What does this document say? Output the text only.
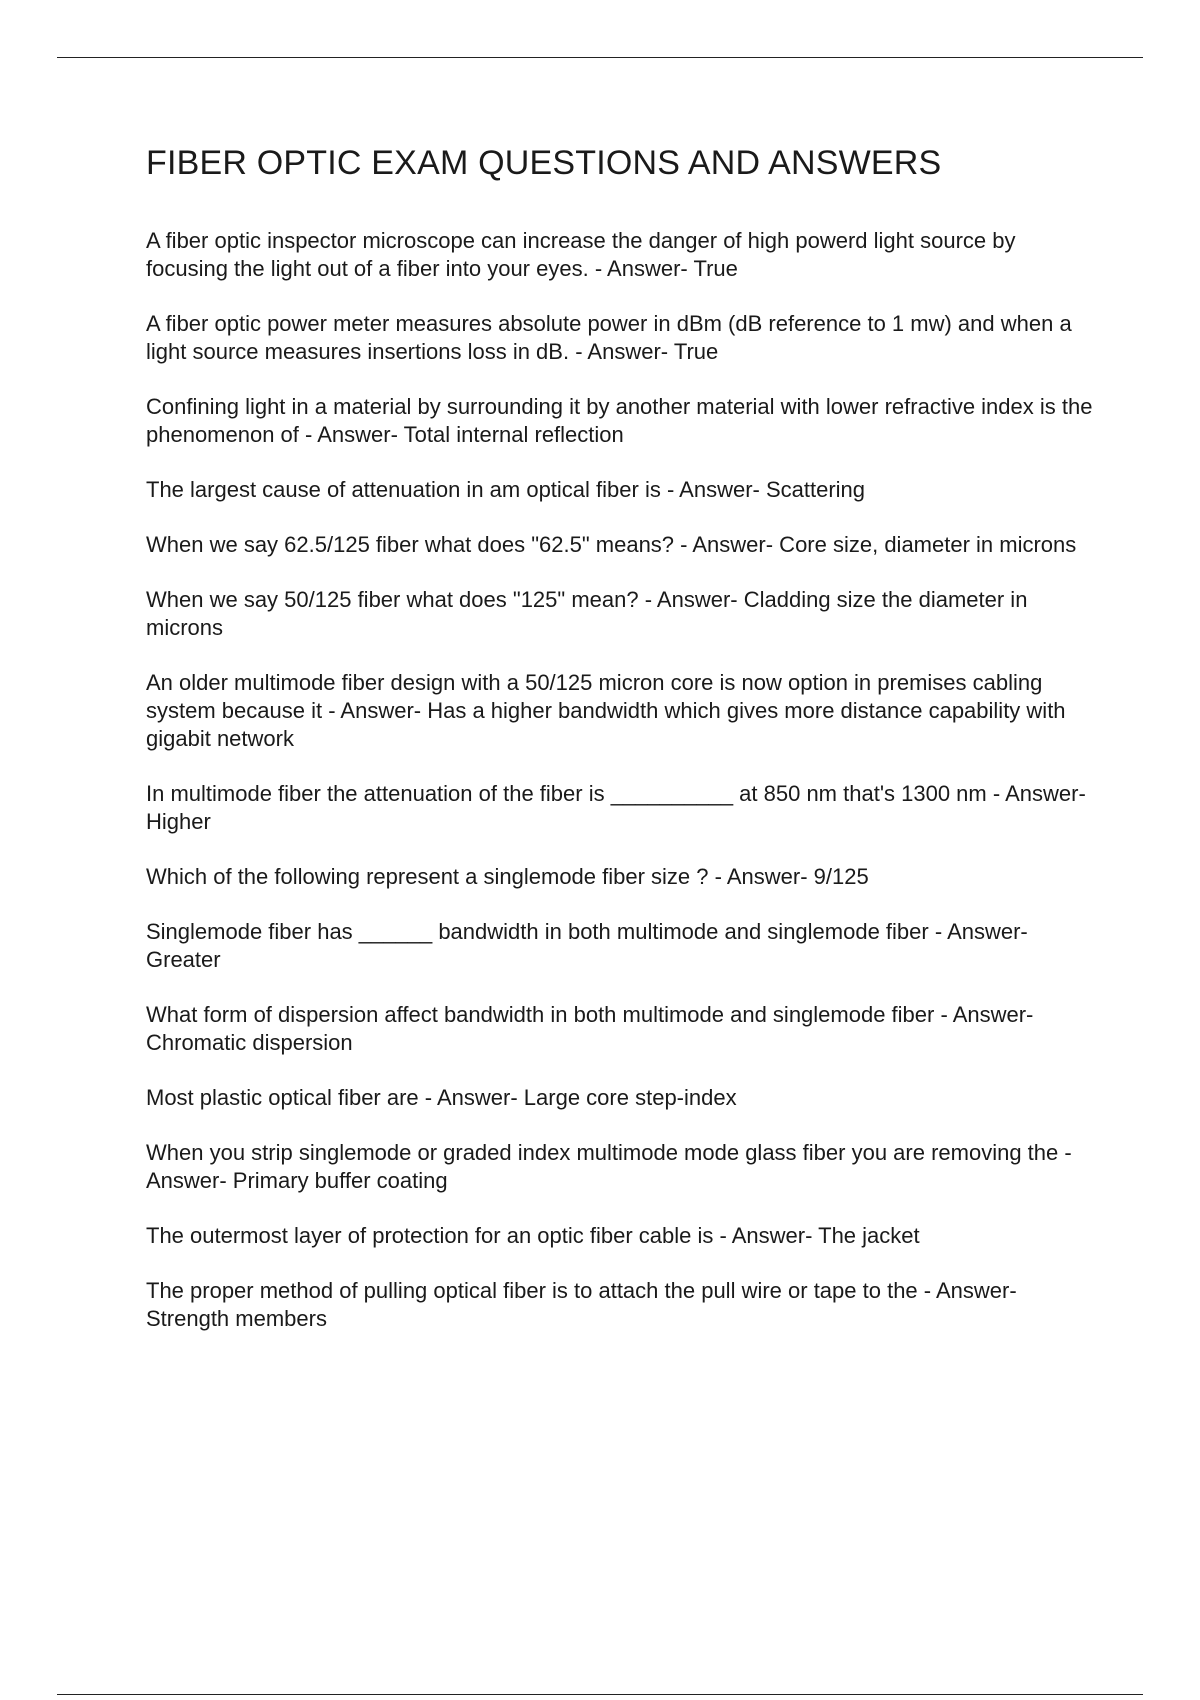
FIBER OPTIC EXAM QUESTIONS AND ANSWERS
A fiber optic inspector microscope can increase the danger of high powerd light source by focusing the light out of a fiber into your eyes. - Answer- True
A fiber optic power meter measures absolute power in dBm (dB reference to 1 mw) and when a light source measures insertions loss in dB. - Answer- True
Confining light in a material by surrounding it by another material with lower refractive index is the phenomenon of - Answer- Total internal reflection
The largest cause of attenuation in am optical fiber is - Answer- Scattering
When we say 62.5/125 fiber what does "62.5" means? - Answer- Core size, diameter in microns
When we say 50/125 fiber what does "125" mean? - Answer- Cladding size the diameter in microns
An older multimode fiber design with a 50/125 micron core is now option in premises cabling system because it - Answer- Has a higher bandwidth which gives more distance capability with gigabit network
In multimode fiber the attenuation of the fiber is __________ at 850 nm that's 1300 nm - Answer- Higher
Which of the following represent a singlemode fiber size ? - Answer- 9/125
Singlemode fiber has ______ bandwidth in both multimode and singlemode fiber - Answer- Greater
What form of dispersion affect bandwidth in both multimode and singlemode fiber - Answer- Chromatic dispersion
Most plastic optical fiber are - Answer- Large core step-index
When you strip singlemode or graded index multimode mode glass fiber you are removing the - Answer- Primary buffer coating
The outermost layer of protection for an optic fiber cable is - Answer- The jacket
The proper method of pulling optical fiber is to attach the pull wire or tape to the - Answer- Strength members
